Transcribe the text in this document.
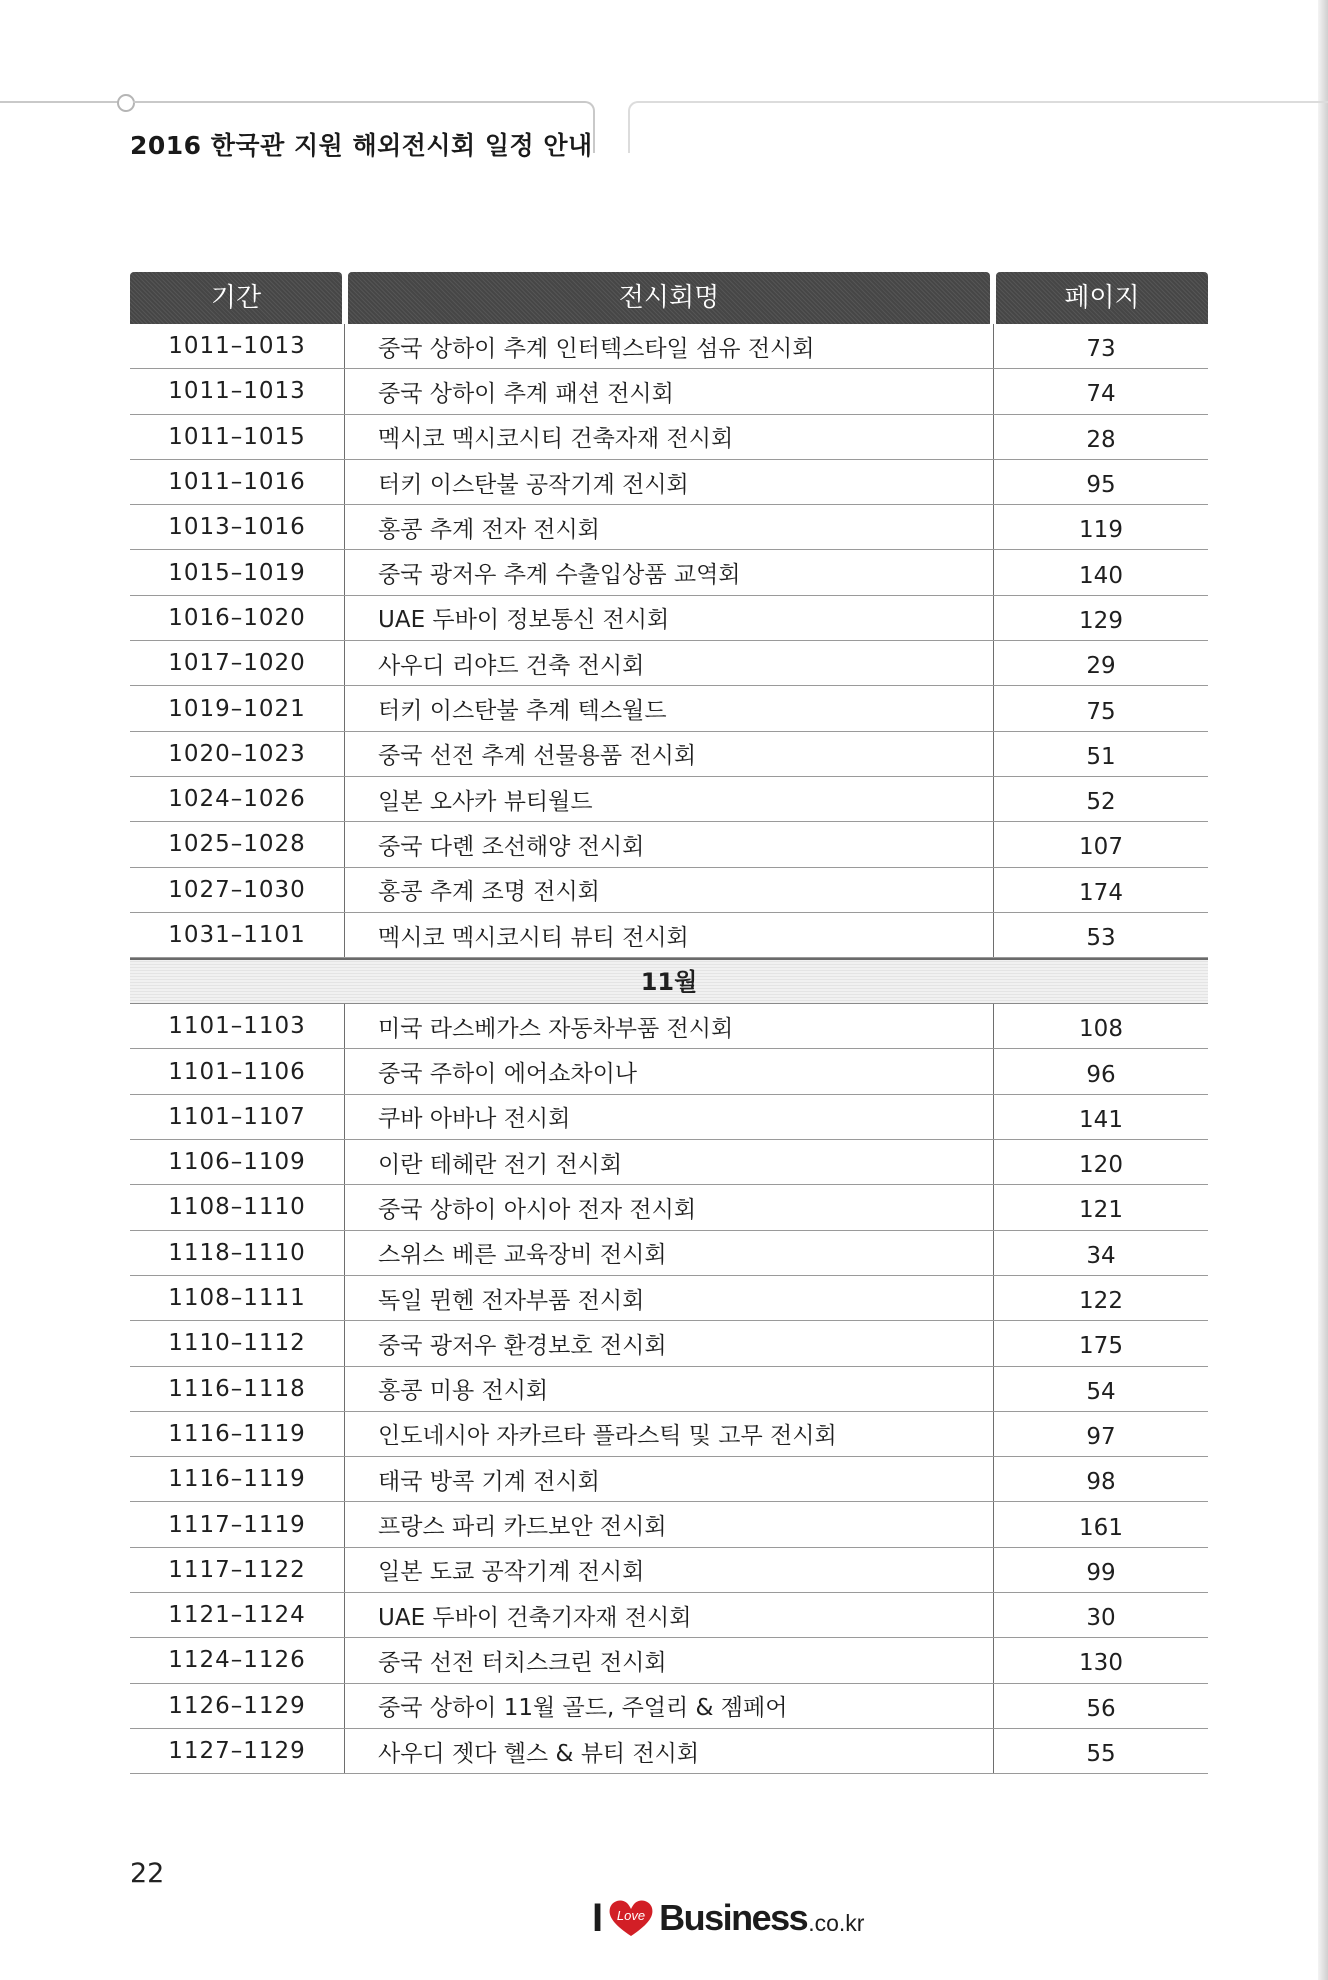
2016 한국관 지원 해외전시회 일정 안내
기간	전시회명	페이지
1011–1013	중국 상하이 추계 인터텍스타일 섬유 전시회	73
1011–1013	중국 상하이 추계 패션 전시회	74
1011–1015	멕시코 멕시코시티 건축자재 전시회	28
1011–1016	터키 이스탄불 공작기계 전시회	95
1013–1016	홍콩 추계 전자 전시회	119
1015–1019	중국 광저우 추계 수출입상품 교역회	140
1016–1020	UAE 두바이 정보통신 전시회	129
1017–1020	사우디 리야드 건축 전시회	29
1019–1021	터키 이스탄불 추계 텍스월드	75
1020–1023	중국 선전 추계 선물용품 전시회	51
1024–1026	일본 오사카 뷰티월드	52
1025–1028	중국 다롄 조선해양 전시회	107
1027–1030	홍콩 추계 조명 전시회	174
1031–1101	멕시코 멕시코시티 뷰티 전시회	53
11월
1101–1103	미국 라스베가스 자동차부품 전시회	108
1101–1106	중국 주하이 에어쇼차이나	96
1101–1107	쿠바 아바나 전시회	141
1106–1109	이란 테헤란 전기 전시회	120
1108–1110	중국 상하이 아시아 전자 전시회	121
1118–1110	스위스 베른 교육장비 전시회	34
1108–1111	독일 뮌헨 전자부품 전시회	122
1110–1112	중국 광저우 환경보호 전시회	175
1116–1118	홍콩 미용 전시회	54
1116–1119	인도네시아 자카르타 플라스틱 및 고무 전시회	97
1116–1119	태국 방콕 기계 전시회	98
1117–1119	프랑스 파리 카드보안 전시회	161
1117–1122	일본 도쿄 공작기계 전시회	99
1121–1124	UAE 두바이 건축기자재 전시회	30
1124–1126	중국 선전 터치스크린 전시회	130
1126–1129	중국 상하이 11월 골드, 주얼리 & 젬페어	56
1127–1129	사우디 젯다 헬스 & 뷰티 전시회	55
22
I Love Business .co.kr
